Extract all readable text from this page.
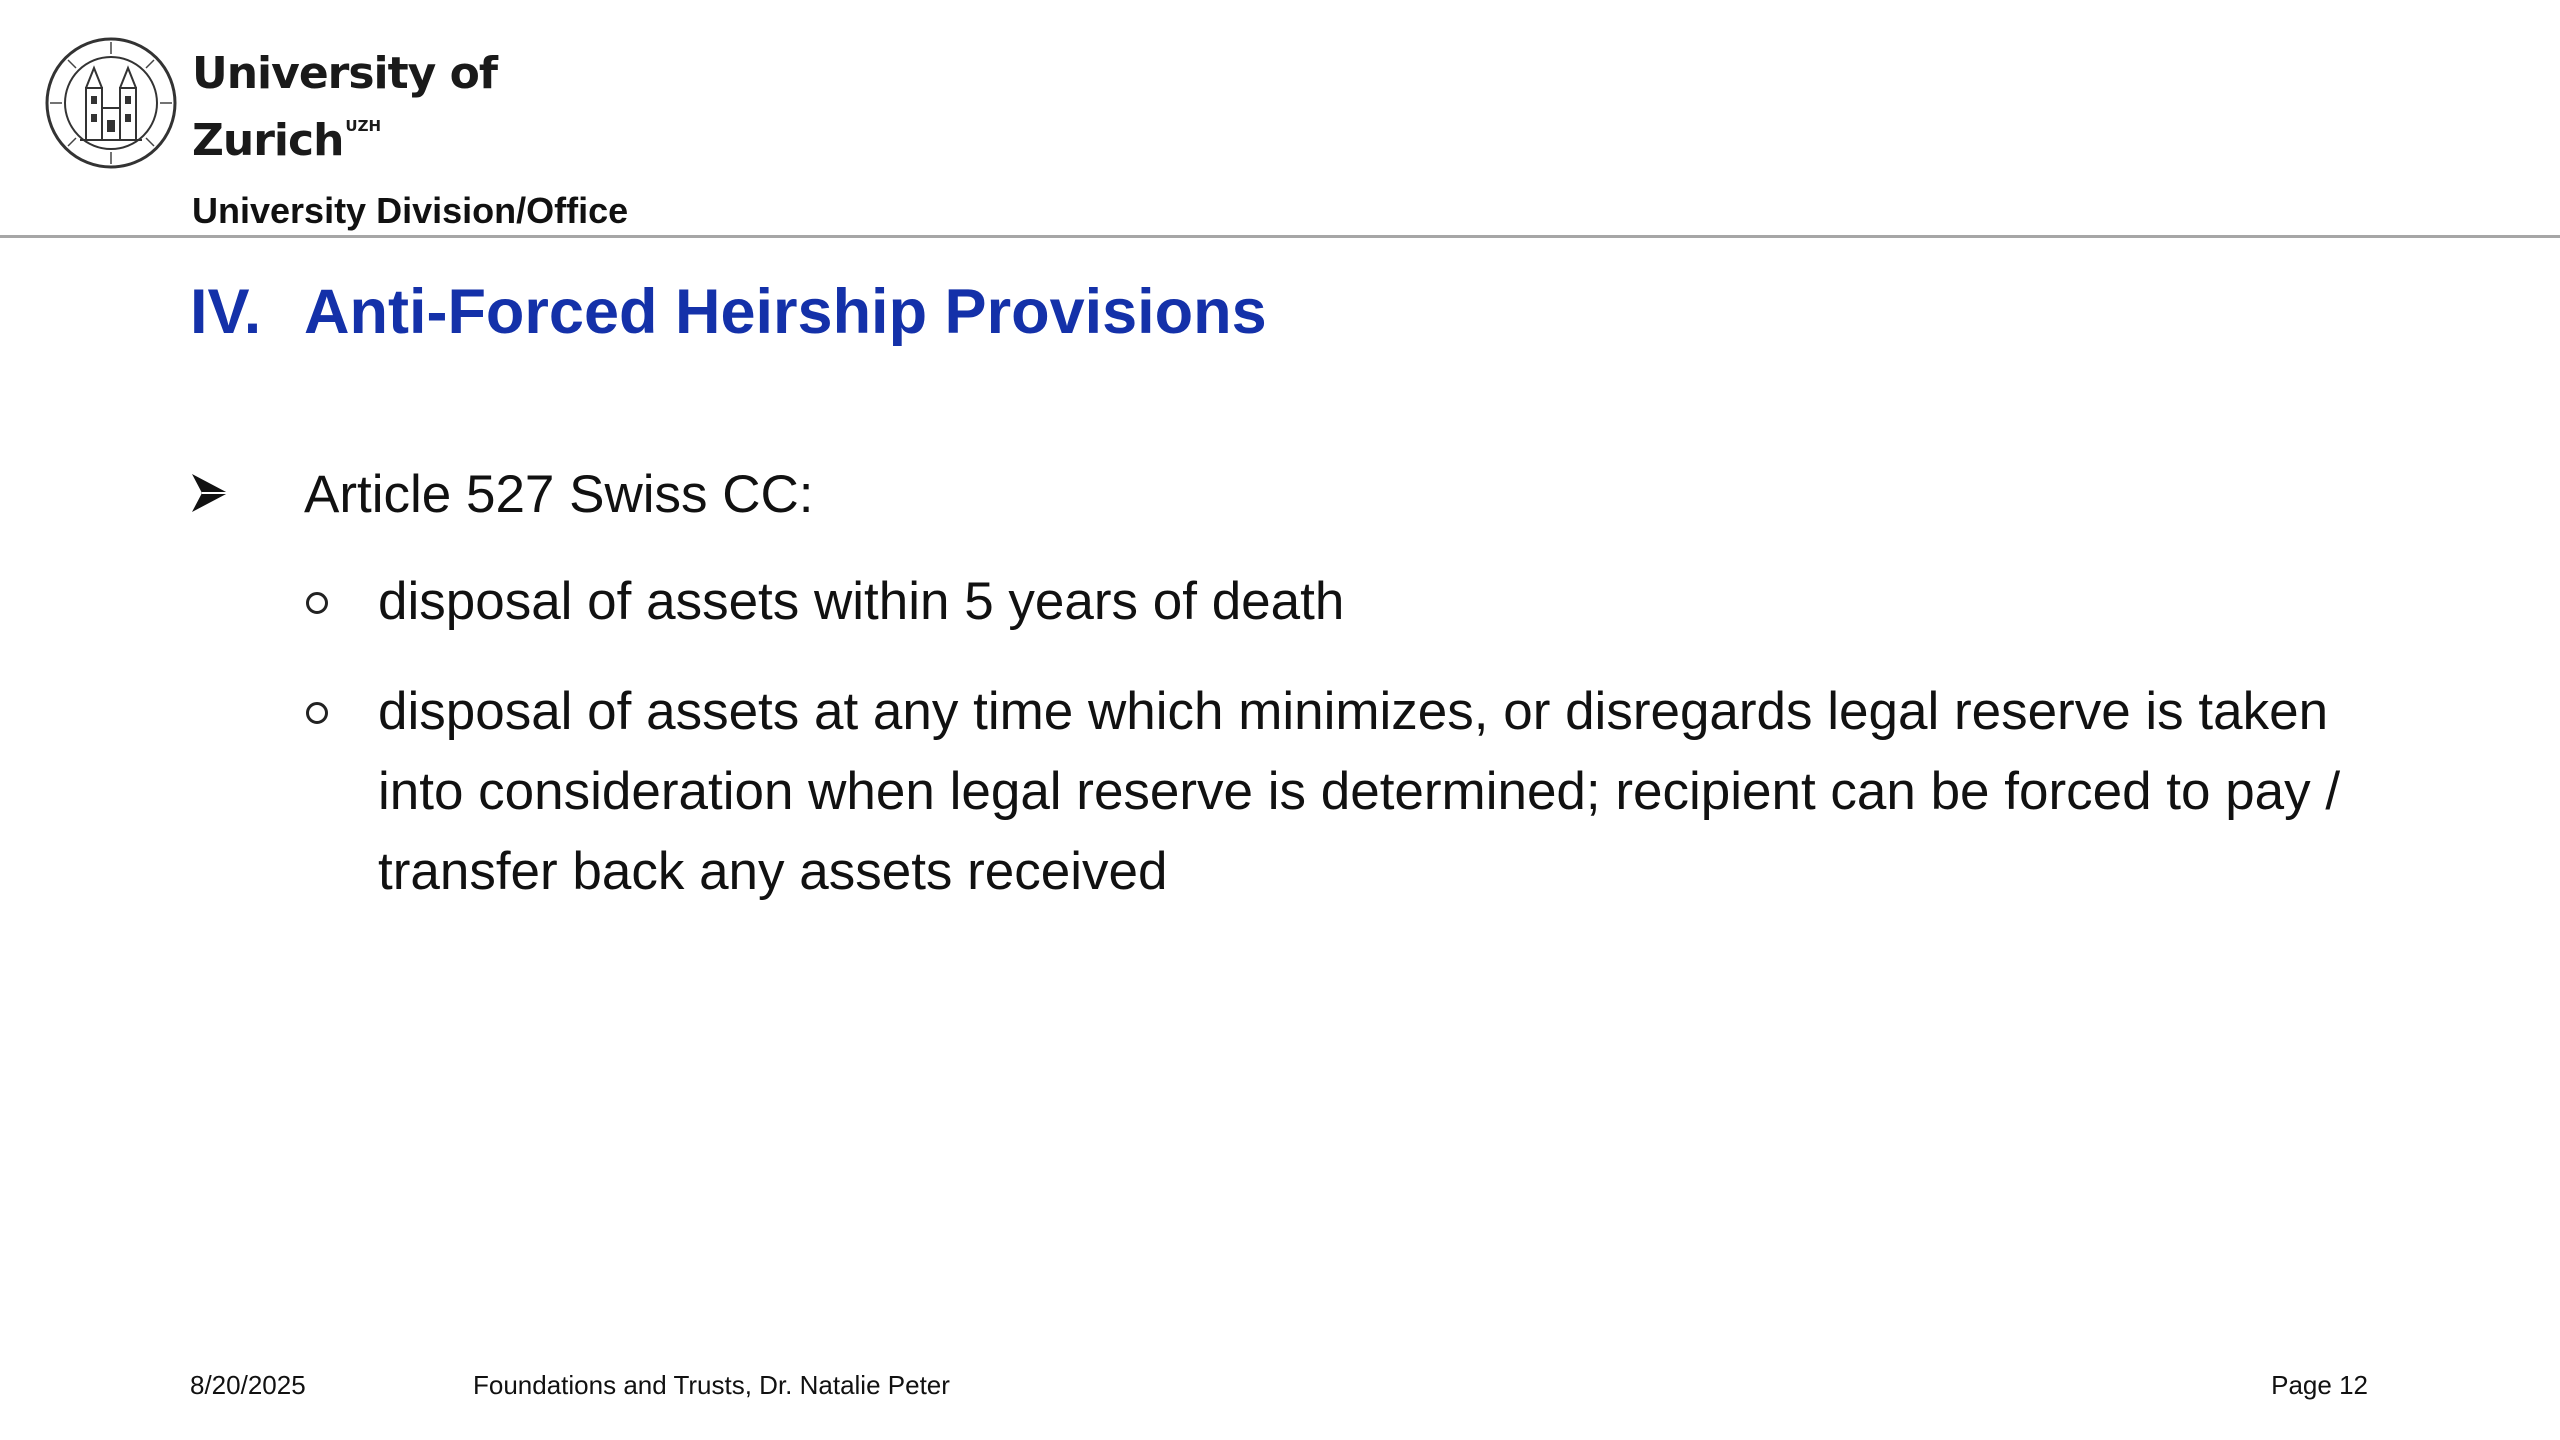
University of
Zurich $^{UZH}$
University Division/Office
IV. Anti-Forced Heirship Provisions
Article 527 Swiss CC:
disposal of assets within 5 years of death
disposal of assets at any time which minimizes, or disregards legal reserve is taken into consideration when legal reserve is determined; recipient can be forced to pay / transfer back any assets received
8/20/2025	Foundations and Trusts, Dr. Natalie Peter	Page 12
